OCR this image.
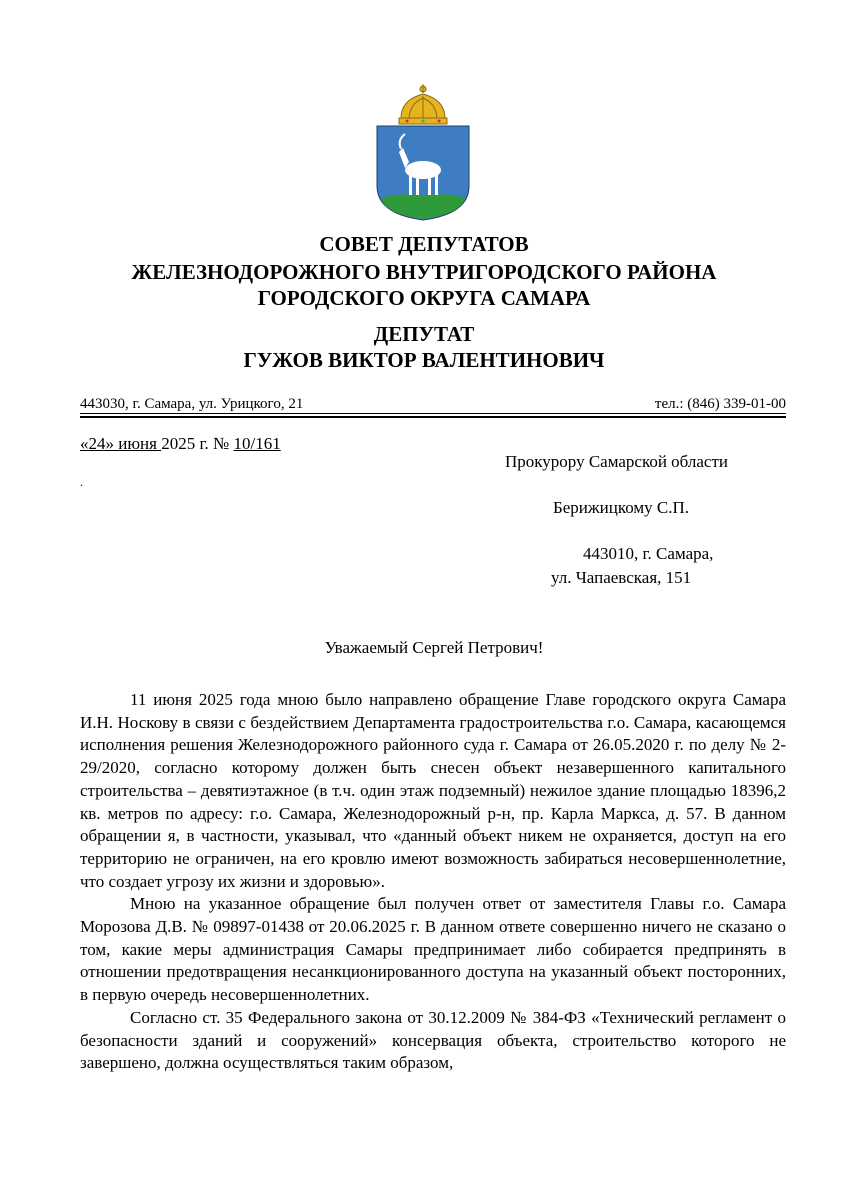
СОВЕТ ДЕПУТАТОВ
ЖЕЛЕЗНОДОРОЖНОГО ВНУТРИГОРОДСКОГО РАЙОНА
ГОРОДСКОГО ОКРУГА САМАРА
ДЕПУТАТ
ГУЖОВ ВИКТОР ВАЛЕНТИНОВИЧ
443030, г. Самара, ул. Урицкого, 21	тел.: (846) 339-01-00
«24» июня 2025 г. № 10/161
.
Прокурору Самарской области
Берижицкому С.П.
443010, г. Самара,
ул. Чапаевская, 151
Уважаемый Сергей Петрович!

11 июня 2025 года мною было направлено обращение Главе городского округа Самара И.Н. Носкову в связи с бездействием Департамента градостроительства г.о. Самара, касающемся исполнения решения Железнодорожного районного суда г. Самара от 26.05.2020 г. по делу № 2-29/2020, согласно которому должен быть снесен объект незавершенного капитального строительства – девятиэтажное (в т.ч. один этаж подземный) нежилое здание площадью 18396,2 кв. метров по адресу: г.о. Самара, Железнодорожный р-н, пр. Карла Маркса, д. 57. В данном обращении я, в частности, указывал, что «данный объект никем не охраняется, доступ на его территорию не ограничен, на его кровлю имеют возможность забираться несовершеннолетние, что создает угрозу их жизни и здоровью».

Мною на указанное обращение был получен ответ от заместителя Главы г.о. Самара Морозова Д.В. № 09897-01438 от 20.06.2025 г. В данном ответе совершенно ничего не сказано о том, какие меры администрация Самары предпринимает либо собирается предпринять в отношении предотвращения несанкционированного доступа на указанный объект посторонних, в первую очередь несовершеннолетних.

Согласно ст. 35 Федерального закона от 30.12.2009 № 384-ФЗ «Технический регламент о безопасности зданий и сооружений» консервация объекта, строительство которого не завершено, должна осуществляться таким образом,
